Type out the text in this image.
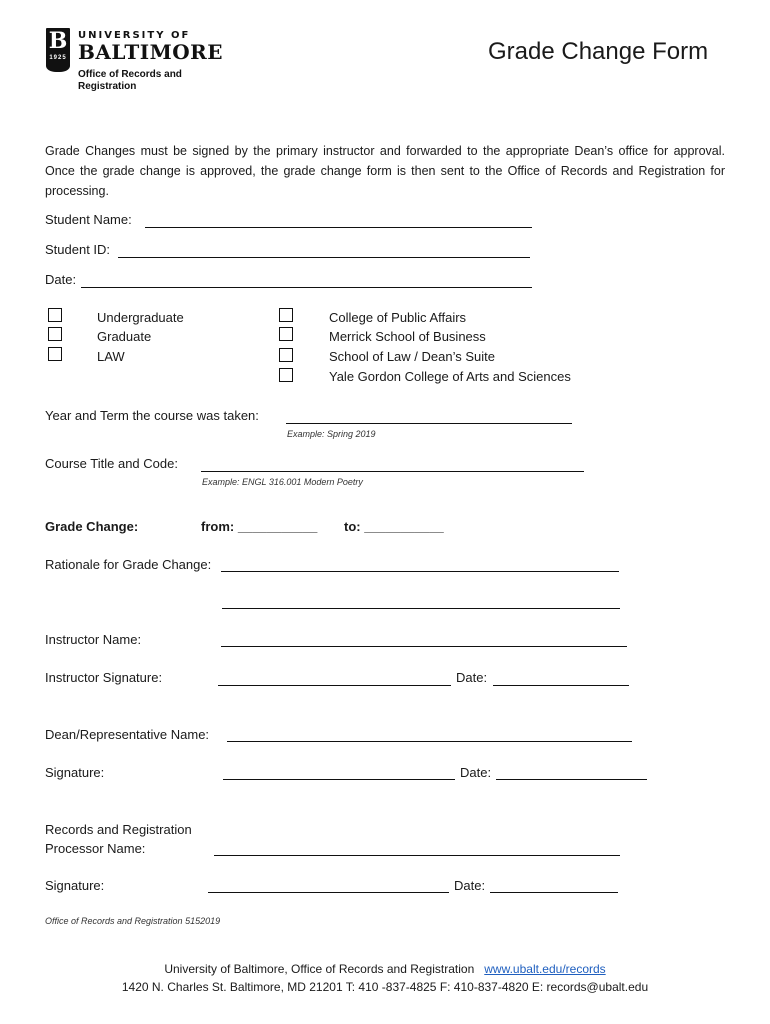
B
1925
UNIVERSITY OF
BALTIMORE
Office of Records and Registration
Grade Change Form
Grade Changes must be signed by the primary instructor and forwarded to the appropriate Dean’s office for approval. Once the grade change is approved, the grade change form is then sent to the Office of Records and Registration for processing.
Student Name:
Student ID:
Date:
Undergraduate
Graduate
LAW
College of Public Affairs
Merrick School of Business
School of Law / Dean’s Suite
Yale Gordon College of Arts and Sciences
Year and Term the course was taken:
Example: Spring 2019
Course Title and Code:
Example: ENGL 316.001 Modern Poetry
Grade Change:	from: ___________ to: ___________
Rationale for Grade Change:
Instructor Name:
Instructor Signature:	Date:
Dean/Representative Name:
Signature:	Date:
Records and Registration
Processor Name:
Signature:	Date:
Office of Records and Registration 5152019
University of Baltimore, Office of Records and Registration www.ubalt.edu/records
1420 N. Charles St. Baltimore, MD 21201 T: 410 -837-4825 F: 410-837-4820 E: records@ubalt.edu
